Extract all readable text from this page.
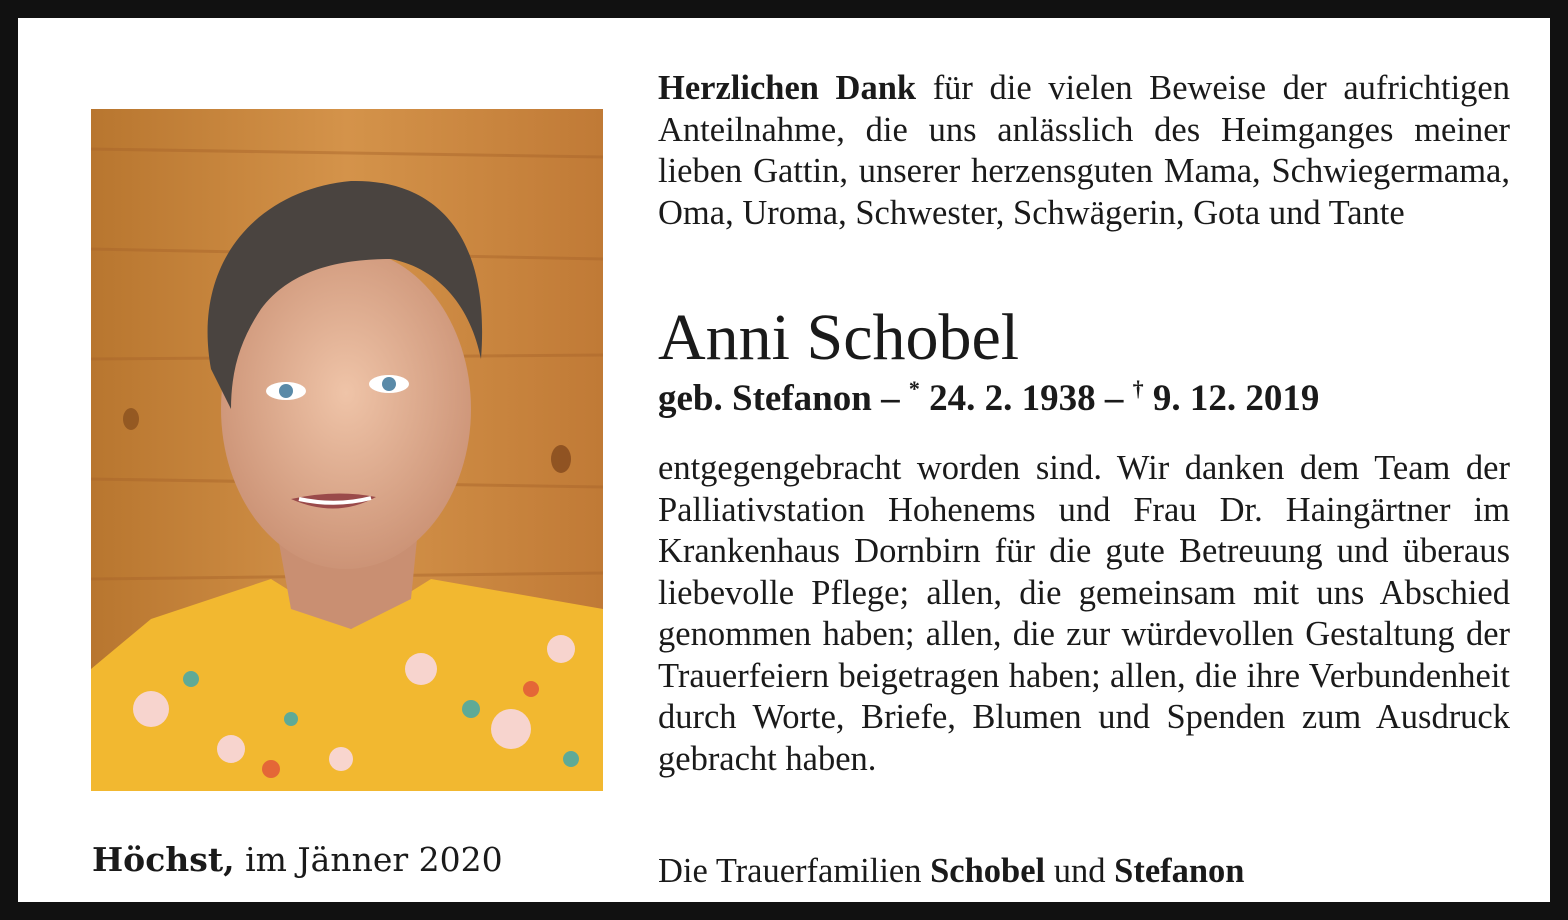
Höchst, im Jänner 2020

Herzlichen Dank für die vielen Beweise der aufrichtigen Anteilnahme, die uns anlässlich des Heimganges meiner lieben Gattin, unserer herzensguten Mama, Schwiegermama, Oma, Uroma, Schwester, Schwägerin, Gota und Tante

Anni Schobel
geb. Stefanon – * 24. 2. 1938 – † 9. 12. 2019

entgegengebracht worden sind. Wir danken dem Team der Palliativstation Hohenems und Frau Dr. Haingärtner im Krankenhaus Dornbirn für die gute Betreuung und überaus liebevolle Pflege; allen, die gemeinsam mit uns Abschied genommen haben; allen, die zur würdevollen Gestaltung der Trauerfeiern beigetragen haben; allen, die ihre Verbundenheit durch Worte, Briefe, Blumen und Spenden zum Ausdruck gebracht haben.

Die Trauerfamilien Schobel und Stefanon
